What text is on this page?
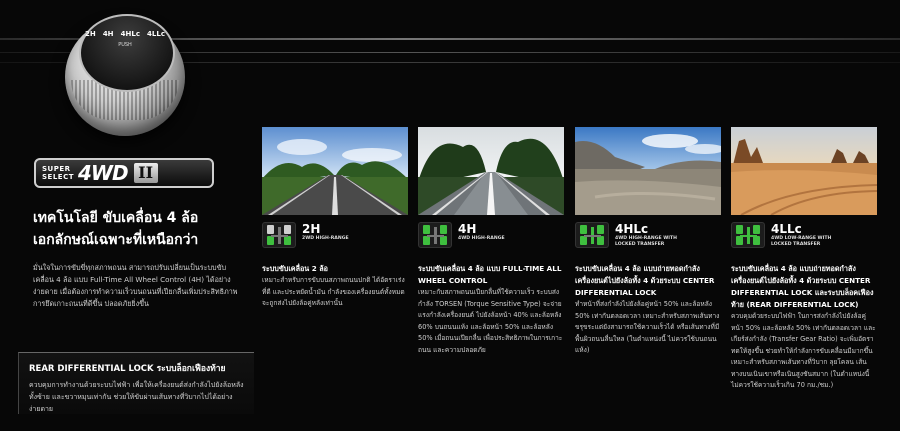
2H 4H 4HLc 4LLc
PUSH
SUPER
SELECT 4WD II
เทคโนโลยี ขับเคลื่อน 4 ล้อ
เอกลักษณ์เฉพาะที่เหนือกว่า
มั่นใจในการขับขี่ทุกสภาพถนน สามารถปรับเปลี่ยนเป็นระบบขับเคลื่อน 4 ล้อ แบบ Full-Time All Wheel Control (4H) ได้อย่างง่ายดาย เมื่อต้องการทำความเร็วบนถนนที่เปียกลื่นเพิ่มประสิทธิภาพการยึดเกาะถนนที่ดีขึ้น ปลอดภัยยิ่งขึ้น
REAR DIFFERENTIAL LOCK ระบบล็อกเฟืองท้าย
ควบคุมการทำงานด้วยระบบไฟฟ้า เพื่อให้เครื่องยนต์ส่งกำลังไปยังล้อหลังทั้งซ้าย และขวาหมุนเท่ากัน ช่วยให้ขับผ่านเส้นทางที่วิบากไปได้อย่างง่ายดาย
2H
2WD HIGH-RANGE
ระบบขับเคลื่อน 2 ล้อ
เหมาะสำหรับการขับบนสภาพถนนปกติ ได้อัตราเร่งที่ดี และประหยัดน้ำมัน กำลังของเครื่องยนต์ทั้งหมดจะถูกส่งไปยังล้อคู่หลังเท่านั้น
4H
4WD HIGH-RANGE
ระบบขับเคลื่อน 4 ล้อ แบบ FULL-TIME ALL WHEEL CONTROL
เหมาะกับสภาพถนนเปียกลื่นที่ใช้ความเร็ว ระบบส่งกำลัง TORSEN (Torque Sensitive Type) จะจ่ายแรงกำลังเครื่องยนต์ ไปยังล้อหน้า 40% และล้อหลัง 60% บนถนนแห้ง และล้อหน้า 50% และล้อหลัง 50% เมื่อถนนเปียกลื่น เพื่อประสิทธิภาพในการเกาะถนน และความปลอดภัย
4HLc
4WD HIGH-RANGE WITH
LOCKED TRANSFER
ระบบขับเคลื่อน 4 ล้อ แบบถ่ายทอดกำลังเครื่องยนต์ไปยังล้อทั้ง 4 ด้วยระบบ CENTER DIFFERENTIAL LOCK
ทำหน้าที่ส่งกำลังไปยังล้อคู่หน้า 50% และล้อหลัง 50% เท่ากันตลอดเวลา เหมาะสำหรับสภาพเส้นทางขรุขระแต่ยังสามารถใช้ความเร็วได้ หรือเส้นทางที่มีพื้นผิวถนนลื่นใหล (ในตำแหน่งนี้ ไม่ควรใช้บนถนนแห้ง)
4LLc
4WD LOW-RANGE WITH
LOCKED TRANSFER
ระบบขับเคลื่อน 4 ล้อ แบบถ่ายทอดกำลังเครื่องยนต์ไปยังล้อทั้ง 4 ด้วยระบบ CENTER DIFFERENTIAL LOCK และระบบล็อคเฟืองท้าย (REAR DIFFERENTIAL LOCK)
ควบคุมด้วยระบบไฟฟ้า ในการส่งกำลังไปยังล้อคู่หน้า 50% และล้อหลัง 50% เท่ากันตลอดเวลา และเกียร์ส่งกำลัง (Transfer Gear Ratio) จะเพิ่มอัตราทดให้สูงขึ้น ช่วยทำให้กำลังการขับเคลื่อนมีมากขึ้น เหมาะสำหรับสภาพเส้นทางที่วิบาก ลุยโคลน เส้นทางบนเนินเขาหรือเนินสูงชันสมาก (ในตำแหน่งนี้ ไม่ควรใช้ความเร็วเกิน 70 กม./ชม.)
